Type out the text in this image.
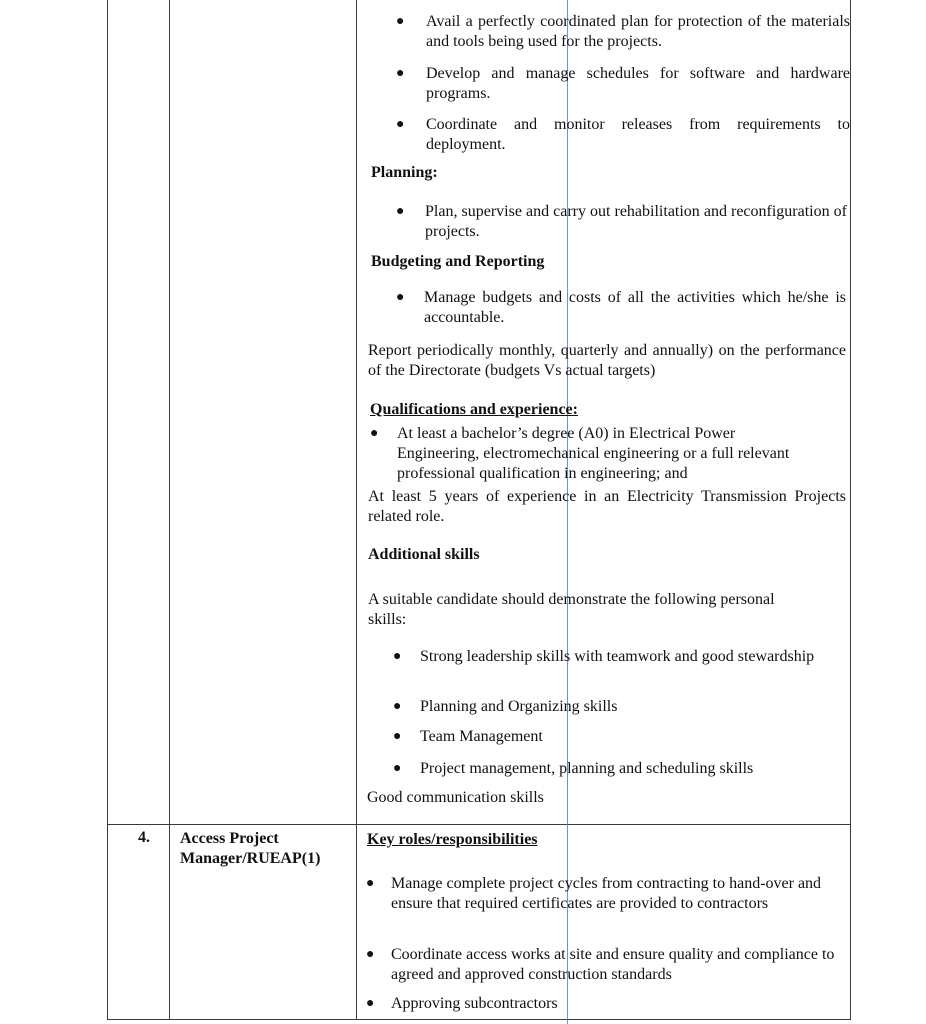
● Avail a perfectly coordinated plan for protection of the materials and tools being used for the projects.
● Develop and manage schedules for software and hardware programs.
● Coordinate and monitor releases from requirements to deployment.
Planning:
● Plan, supervise and carry out rehabilitation and reconfiguration of projects.
Budgeting and Reporting
● Manage budgets and costs of all the activities which he/she is accountable.
Report periodically monthly, quarterly and annually) on the performance of the Directorate (budgets Vs actual targets)
Qualifications and experience:
● At least a bachelor’s degree (A0) in Electrical Power Engineering, electromechanical engineering or a full relevant professional qualification in engineering; and
At least 5 years of experience in an Electricity Transmission Projects related role.
Additional skills
A suitable candidate should demonstrate the following personal skills:
● Strong leadership skills with teamwork and good stewardship
● Planning and Organizing skills
● Team Management
● Project management, planning and scheduling skills
Good communication skills
4. Access Project Manager/RUEAP(1)
Key roles/responsibilities
● Manage complete project cycles from contracting to hand-over and ensure that required certificates are provided to contractors
● Coordinate access works at site and ensure quality and compliance to agreed and approved construction standards
● Approving subcontractors
